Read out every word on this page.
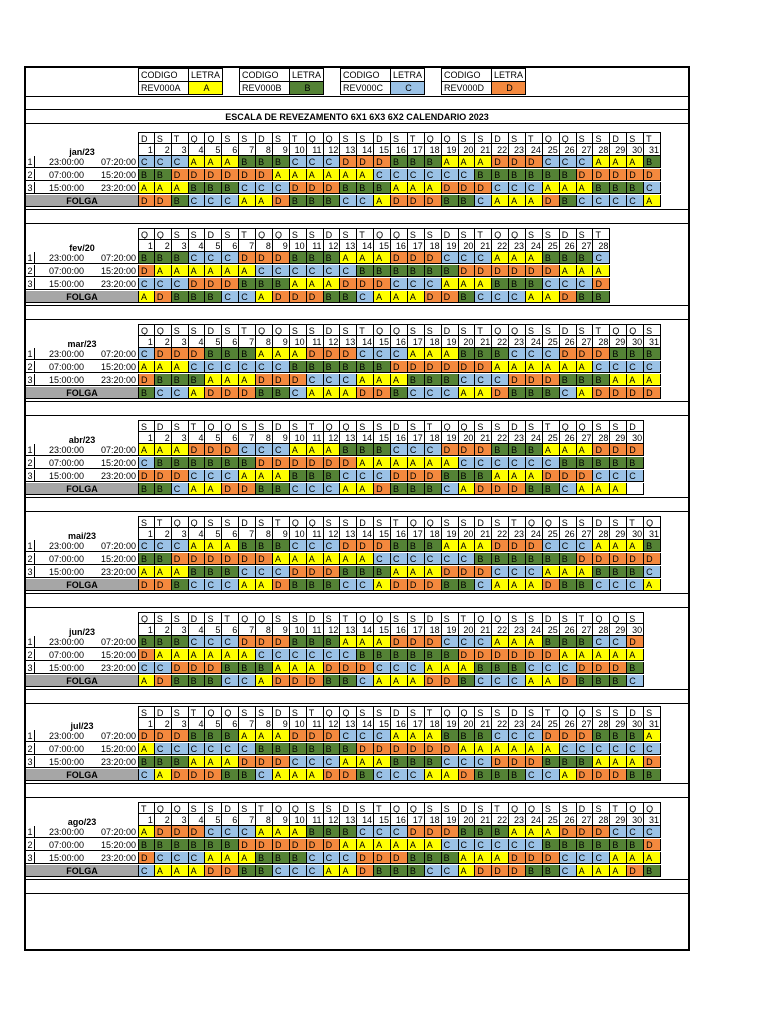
CODIGO	LETRA
REV000A	A
CODIGO	LETRA
REV000B	B
CODIGO	LETRA
REV000C	C
CODIGO	LETRA
REV000D	D
ESCALA DE REVEZAMENTO 6X1 6X3 6X2 CALENDARIO 2023
D	S	T	Q	Q	S	S	D	S	T	Q	Q	S	S	D	S	T	Q	Q	S	S	D	S	T	Q	Q	S	S	D	S	T
jan/23	1	2	3	4	5	6	7	8	9 10 11 12 13 14 15 16 17 18 19 20 21 22 23 24 25 26 27 28 29 30 31
1	23:00:00	07:20:00 C	C	C	A	A	A	B	B	B	C	C	C	D	D	D	B	B	B	A	A	A	D	D	D	C	C	C	A	A	A	B
2	07:00:00	15:20:00 B	B	D	D	D	D	D	D	A	A	A	A	A	A	C	C	C	C	C	C	B	B	B	B	B	B	D	D	D	D	D
3	15:00:00	23:20:00 A	A	A	B	B	B	C	C	C	D	D	D	B	B	B	A	A	A	D	D	D	C	C	C	A	A	A	B	B	B	C
FOLGA	D	D	B	C	C	C	A	A	D	B	B	B	C	C	A	D	D	D	B	B	C	A	A	A	D	B	C	C	C	C	A
Q Q	S	S	D	S	T	Q	Q	S	S	D	S	T	Q	Q	S	S	D	S	T	Q	Q	S	S	D	S	T
fev/20	1	2	3	4	5	6	7	8	9 10 11 12 13 14 15 16 17 18 19 20 21 22 23 24 25 26 27 28
1	23:00:00	07:20:00 B	B	B	C	C	C	D	D	D	B	B	B	A	A	A	D	D	D	C	C	C	A	A	A	B	B	B	C
2	07:00:00	15:20:00 D	A	A	A	A	A	A	C	C	C	C	C	C	B	B	B	B	B	B	D	D	D	D	D	D	A	A	A
3	15:00:00	23:20:00 C	C	C	D	D	D	B	B	B	A	A	A	D	D	D	C	C	C	A	A	A	B	B	B	C	C	C	D
FOLGA	A	D	B	B	B	C	C	A	D	D	D	B	B	C	A	A	A	D	D	B	C	C	C	A	A	D	B	B
Q Q	S	S	D	S	T	Q	Q	S	S	D	S	T	Q	Q	S	S	D	S	T	Q	Q	S	S	D	S	T	Q	Q	S
mar/23	1	2	3	4	5	6	7	8	9 10 11 12 13 14 15 16 17 18 19 20 21 22 23 24 25 26 27 28 29 30 31
1	23:00:00	07:20:00 C	D	D	D	B	B	B	A	A	A	D	D	D	C	C	C	A	A	A	B	B	B	C	C	C	D	D	D	B	B	B
2	07:00:00	15:20:00 A	A	A	C	C	C	C	C	C	B	B	B	B	B	B	D	D	D	D	D	D	A	A	A	A	A	A	C	C	C	C
3	15:00:00	23:20:00 D	B	B	B	A	A	A	D	D	D	C	C	C	A	A	A	B	B	B	C	C	C	D	D	D	B	B	B	A	A	A
FOLGA	B	C	C	A	D	D	D	B	B	C	A	A	A	D	D	B	C	C	C	A	A	D	B	B	B	C	A	D	D	D	D
S	D	S	T	Q	Q	S	S	D	S	T	Q	Q	S	S	D	S	T	Q	Q	S	S	D	S	T	Q	Q	S	S	D
abr/23	1	2	3	4	5	6	7	8	9 10 11 12 13 14 15 16 17 18 19 20 21 22 23 24 25 26 27 28 29 30
1	23:00:00	07:20:00 A	A	A	D	D	D	C	C	C	A	A	A	B	B	B	C	C	C	D	D	D	B	B	B	A	A	A	D	D	D
2	07:00:00	15:20:00 C	B	B	B	B	B	B	D	D	D	D	D	D	A	A	A	A	A	A	C	C	C	C	C	C	B	B	B	B	B
3	15:00:00	23:20:00 D	D	D	C	C	C	A	A	A	B	B	B	C	C	C	D	D	D	B	B	B	A	A	A	D	D	D	C	C	C
FOLGA	B	B	C	A	A	D	D	B	B	C	C	C	A	A	D	B	B	B	C	A	D	D	D	B	B	C	A	A	A
S	T	Q	Q	S	S	D	S	T	Q	Q	S	S	D	S	T	Q	Q	S	S	D	S	T	Q	Q	S	S	D	S	T	Q
mai/23	1	2	3	4	5	6	7	8	9 10 11 12 13 14 15 16 17 18 19 20 21 22 23 24 25 26 27 28 29 30 31
1	23:00:00	07:20:00 C	C	C	A	A	A	B	B	B	C	C	C	D	D	D	B	B	B	A	A	A	D	D	D	C	C	C	A	A	A	B
2	07:00:00	15:20:00 B	B	D	D	D	D	D	D	A	A	A	A	A	A	C	C	C	C	C	C	B	B	B	B	B	B	D	D	D	D	D
3	15:00:00	23:20:00 A	A	A	B	B	B	C	C	C	D	D	D	B	B	B	A	A	A	D	D	D	C	C	C	A	A	A	B	B	B	C
FOLGA	D	D	B	C	C	C	A	A	D	B	B	B	C	C	A	D	D	D	B	B	C	A	A	A	D	B	B	C	C	C	A
Q S	S	D	S	T	Q	Q	S	S	D	S	T	Q	Q	S	S	D	S	T	Q	Q	S	S	D	S	T	Q	Q	S
jun/23	1	2	3	4	5	6	7	8	9 10 11 12 13 14 15 16 17 18 19 20 21 22 23 24 25 26 27 28 29 30
1	23:00:00	07:20:00 B	B	B	C	C	C	D	D	D	B	B	B	A	A	A	D	D	D	C	C	C	A	A	A	B	B	B	C	C	D
2	07:00:00	15:20:00 D	A	A	A	A	A	A	C	C	C	C	C	C	B	B	B	B	B	B	D	D	D	D	D	D	A	A	A	A	A
3	15:00:00	23:20:00 C	C	D	D	D	B	B	B	A	A	A	D	D	D	C	C	C	A	A	A	B	B	B	C	C	C	D	D	D	B
FOLGA	A	D	B	B	B	C	C	A	D	D	D	B	B	C	A	A	A	D	D	B	C	C	C	A	A	D	B	B	B	C
S	D	S	T	Q	Q	S	S	D	S	T	Q	Q	S	S	D	S	T	Q	Q	S	S	D	S	T	Q	Q	S	S	D	S
jul/23	1	2	3	4	5	6	7	8	9 10 11 12 13 14 15 16 17 18 19 20 21 22 23 24 25 26 27 28 29 30 31
1	23:00:00	07:20:00 D	D	D	B	B	B	A	A	A	D	D	D	C	C	C	A	A	A	B	B	B	C	C	C	D	D	D	B	B	B	A
2	07:00:00	15:20:00 A	C	C	C	C	C	C	B	B	B	B	B	B	D	D	D	D	D	D	A	A	A	A	A	A	C	C	C	C	C	C
3	15:00:00	23:20:00 B	B	B	A	A	A	D	D	D	C	C	C	A	A	A	B	B	B	C	C	C	D	D	D	B	B	B	A	A	A	D
FOLGA	C	A	D	D	D	B	B	C	A	A	A	D	D	B	C	C	C	A	A	D	B	B	B	C	C	A	D	D	D	B	B
T	Q	Q	S	S	D	S	T	Q	Q	S	S	D	S	T	Q	Q	S	S	D	S	T	Q	Q	S	S	D	S	T	Q	Q
ago/23	1	2	3	4	5	6	7	8	9 10 11 12 13 14 15 16 17 18 19 20 21 22 23 24 25 26 27 28 29 30 31
1	23:00:00	07:20:00 A	D	D	D	C	C	C	A	A	A	B	B	B	C	C	C	D	D	D	B	B	B	A	A	A	D	D	D	C	C	C
2	07:00:00	15:20:00 B	B	B	B	B	B	D	D	D	D	D	D	A	A	A	A	A	A	C	C	C	C	C	C	B	B	B	B	B	B	D
3	15:00:00	23:20:00 D	C	C	C	A	A	A	B	B	B	C	C	C	D	D	D	B	B	B	A	A	A	D	D	D	C	C	C	A	A	A
FOLGA	C	A	A	A	D	D	B	B	C	C	C	A	A	D	B	B	B	C	C	A	D	D	D	B	B	C	A	A	A	D	B
